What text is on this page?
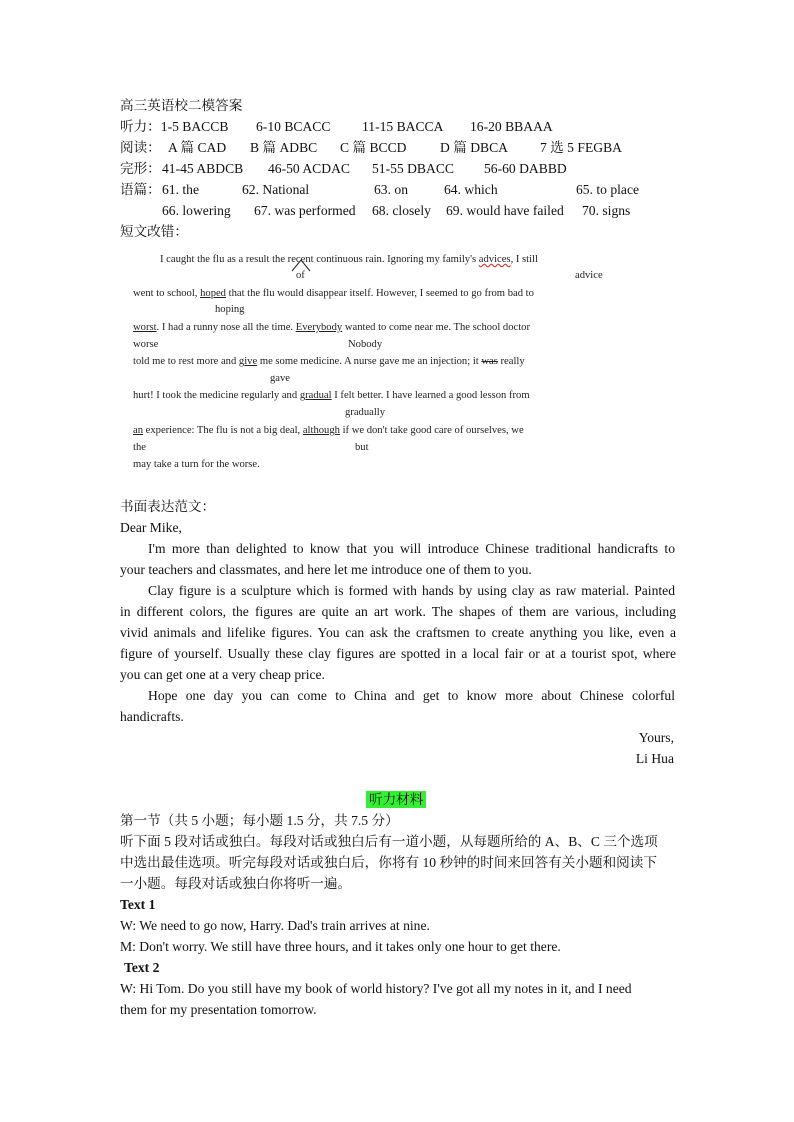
高三英语校二模答案
听力：1-5 BACCB 6-10 BCACC 11-15 BACCA 16-20 BBAAA
阅读： A 篇 CAD B 篇 ADBC C 篇 BCCD D 篇 DBCA 7 选 5 FEGBA
完形： 41-45 ABDCB 46-50 ACDAC 51-55 DBACC 56-60 DABBD
语篇： 61. the	62. National	63. on	64. which	65. to place
66. lowering 67. was performed 68. closely 69. would have failed 70. signs
短文改错：
I caught the flu as a result the recent continuous rain. Ignoring my family's advices, I still
of	advice
went to school, hoped that the flu would disappear itself. However, I seemed to go from bad to
hoping
worst. I had a runny nose all the time. Everybody wanted to come near me. The school doctor
worse	Nobody
told me to rest more and give me some medicine. A nurse gave me an injection; it was really
gave
hurt! I took the medicine regularly and gradual I felt better. I have learned a good lesson from
gradually
an experience: The flu is not a big deal, although if we don't take good care of ourselves, we
the	but
may take a turn for the worse.
书面表达范文：
Dear Mike,
I'm more than delighted to know that you will introduce Chinese traditional handicrafts to
your teachers and classmates, and here let me introduce one of them to you.
Clay figure is a sculpture which is formed with hands by using clay as raw material. Painted
in different colors, the figures are quite an art work. The shapes of them are various, including
vivid animals and lifelike figures. You can ask the craftsmen to create anything you like, even a
figure of yourself. Usually these clay figures are spotted in a local fair or at a tourist spot, where
you can get one at a very cheap price.
Hope one day you can come to China and get to know more about Chinese colorful
handicrafts.
Yours,
Li Hua
听力材料
第一节（共 5 小题；每小题 1.5 分，共 7.5 分）
听下面 5 段对话或独白。每段对话或独白后有一道小题，从每题所给的 A、B、C 三个选项
中选出最佳选项。听完每段对话或独白后，你将有 10 秒钟的时间来回答有关小题和阅读下
一小题。每段对话或独白你将听一遍。
Text 1
W: We need to go now, Harry. Dad's train arrives at nine.
M: Don't worry. We still have three hours, and it takes only one hour to get there.
Text 2
W: Hi Tom. Do you still have my book of world history? I've got all my notes in it, and I need
them for my presentation tomorrow.
